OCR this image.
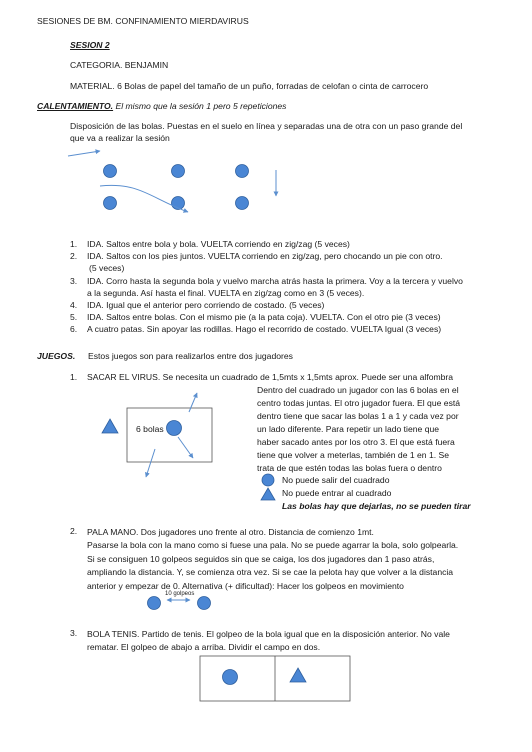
SESIONES DE BM. CONFINAMIENTO MIERDAVIRUS
SESION 2
CATEGORIA. BENJAMIN
MATERIAL. 6 Bolas de papel del tamaño de un puño, forradas de celofan o cinta de carrocero
CALENTAMIENTO. El mismo que la sesión 1 pero 5 repeticiones
Disposición de las bolas. Puestas en el suelo en línea y separadas una de otra con un paso grande del que va a realizar la sesión
1. IDA. Saltos entre bola y bola. VUELTA corriendo en zig/zag (5 veces)
2. IDA. Saltos con los pies juntos. VUELTA corriendo en zig/zag, pero chocando un pie con otro.
(5 veces)
3. IDA. Corro hasta la segunda bola y vuelvo marcha atrás hasta la primera. Voy a la tercera y vuelvo
a la segunda. Así hasta el final. VUELTA en zig/zag como en 3 (5 veces).
4. IDA. Igual que el anterior pero corriendo de costado. (5 veces)
5. IDA. Saltos entre bolas. Con el mismo pie (a la pata coja). VUELTA. Con el otro pie (3 veces)
6. A cuatro patas. Sin apoyar las rodillas. Hago el recorrido de costado. VUELTA Igual (3 veces)
JUEGOS. Estos juegos son para realizarlos entre dos jugadores
1. SACAR EL VIRUS. Se necesita un cuadrado de 1,5mts x 1,5mts aprox. Puede ser una alfombra
Dentro del cuadrado un jugador con las 6 bolas en el
centro todas juntas. El otro jugador fuera. El que está
dentro tiene que sacar las bolas 1 a 1 y cada vez por
un lado diferente. Para repetir un lado tiene que
haber sacado antes por los otro 3. El que está fuera
tiene que volver a meterlas, también de 1 en 1. Se
trata de que estén todas las bolas fuera o dentro
6 bolas
No puede salir del cuadrado
No puede entrar al cuadrado
Las bolas hay que dejarlas, no se pueden tirar
2. PALA MANO. Dos jugadores uno frente al otro. Distancia de comienzo 1mt.
Pasarse la bola con la mano como si fuese una pala. No se puede agarrar la bola, solo golpearla.
Si se consiguen 10 golpeos seguidos sin que se caiga, los dos jugadores dan 1 paso atrás,
ampliando la distancia. Y, se comienza otra vez. Si se cae la pelota hay que volver a la distancia
anterior y empezar de 0. Alternativa (+ dificultad): Hacer los golpeos en movimiento
10 golpeos
3. BOLA TENIS. Partido de tenis. El golpeo de la bola igual que en la disposición anterior. No vale
rematar. El golpeo de abajo a arriba. Dividir el campo en dos.
